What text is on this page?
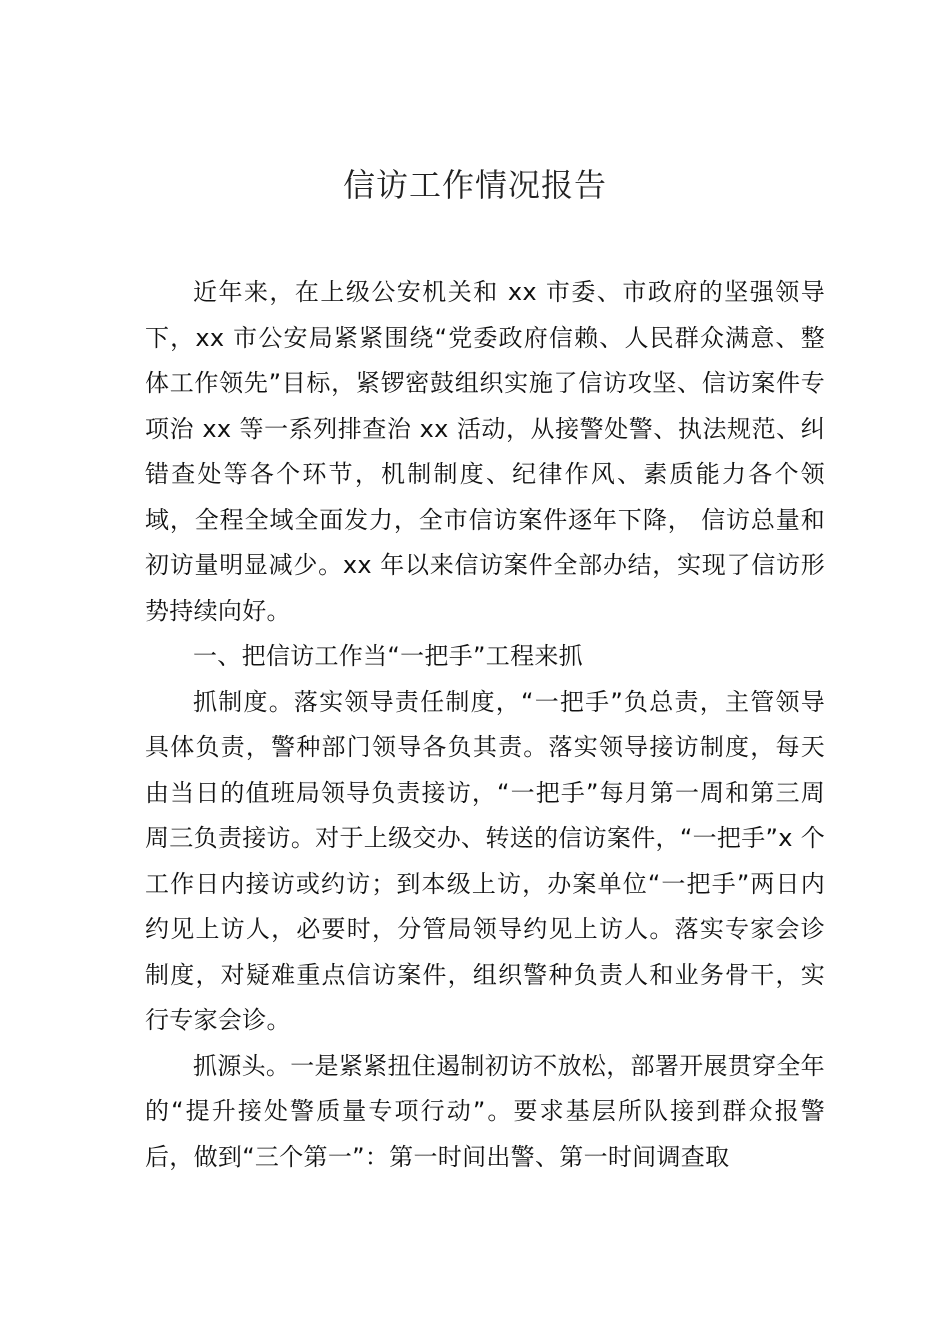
信访工作情况报告

近年来，在上级公安机关和 xx 市委、市政府的坚强领导下，xx 市公安局紧紧围绕“党委政府信赖、人民群众满意、整体工作领先”目标，紧锣密鼓组织实施了信访攻坚、信访案件专项治 xx 等一系列排查治 xx 活动，从接警处警、执法规范、纠错查处等各个环节，机制制度、纪律作风、素质能力各个领域，全程全域全面发力，全市信访案件逐年下降， 信访总量和初访量明显减少。xx 年以来信访案件全部办结，实现了信访形势持续向好。

一、把信访工作当“一把手”工程来抓

抓制度。落实领导责任制度，“一把手”负总责，主管领导具体负责，警种部门领导各负其责。落实领导接访制度，每天由当日的值班局领导负责接访，“一把手”每月第一周和第三周周三负责接访。对于上级交办、转送的信访案件，“一把手”x 个工作日内接访或约访；到本级上访，办案单位“一把手”两日内约见上访人，必要时，分管局领导约见上访人。落实专家会诊制度，对疑难重点信访案件，组织警种负责人和业务骨干，实行专家会诊。

抓源头。一是紧紧扭住遏制初访不放松，部署开展贯穿全年的“提升接处警质量专项行动”。要求基层所队接到群众报警后，做到“三个第一”：第一时间出警、第一时间调查取
